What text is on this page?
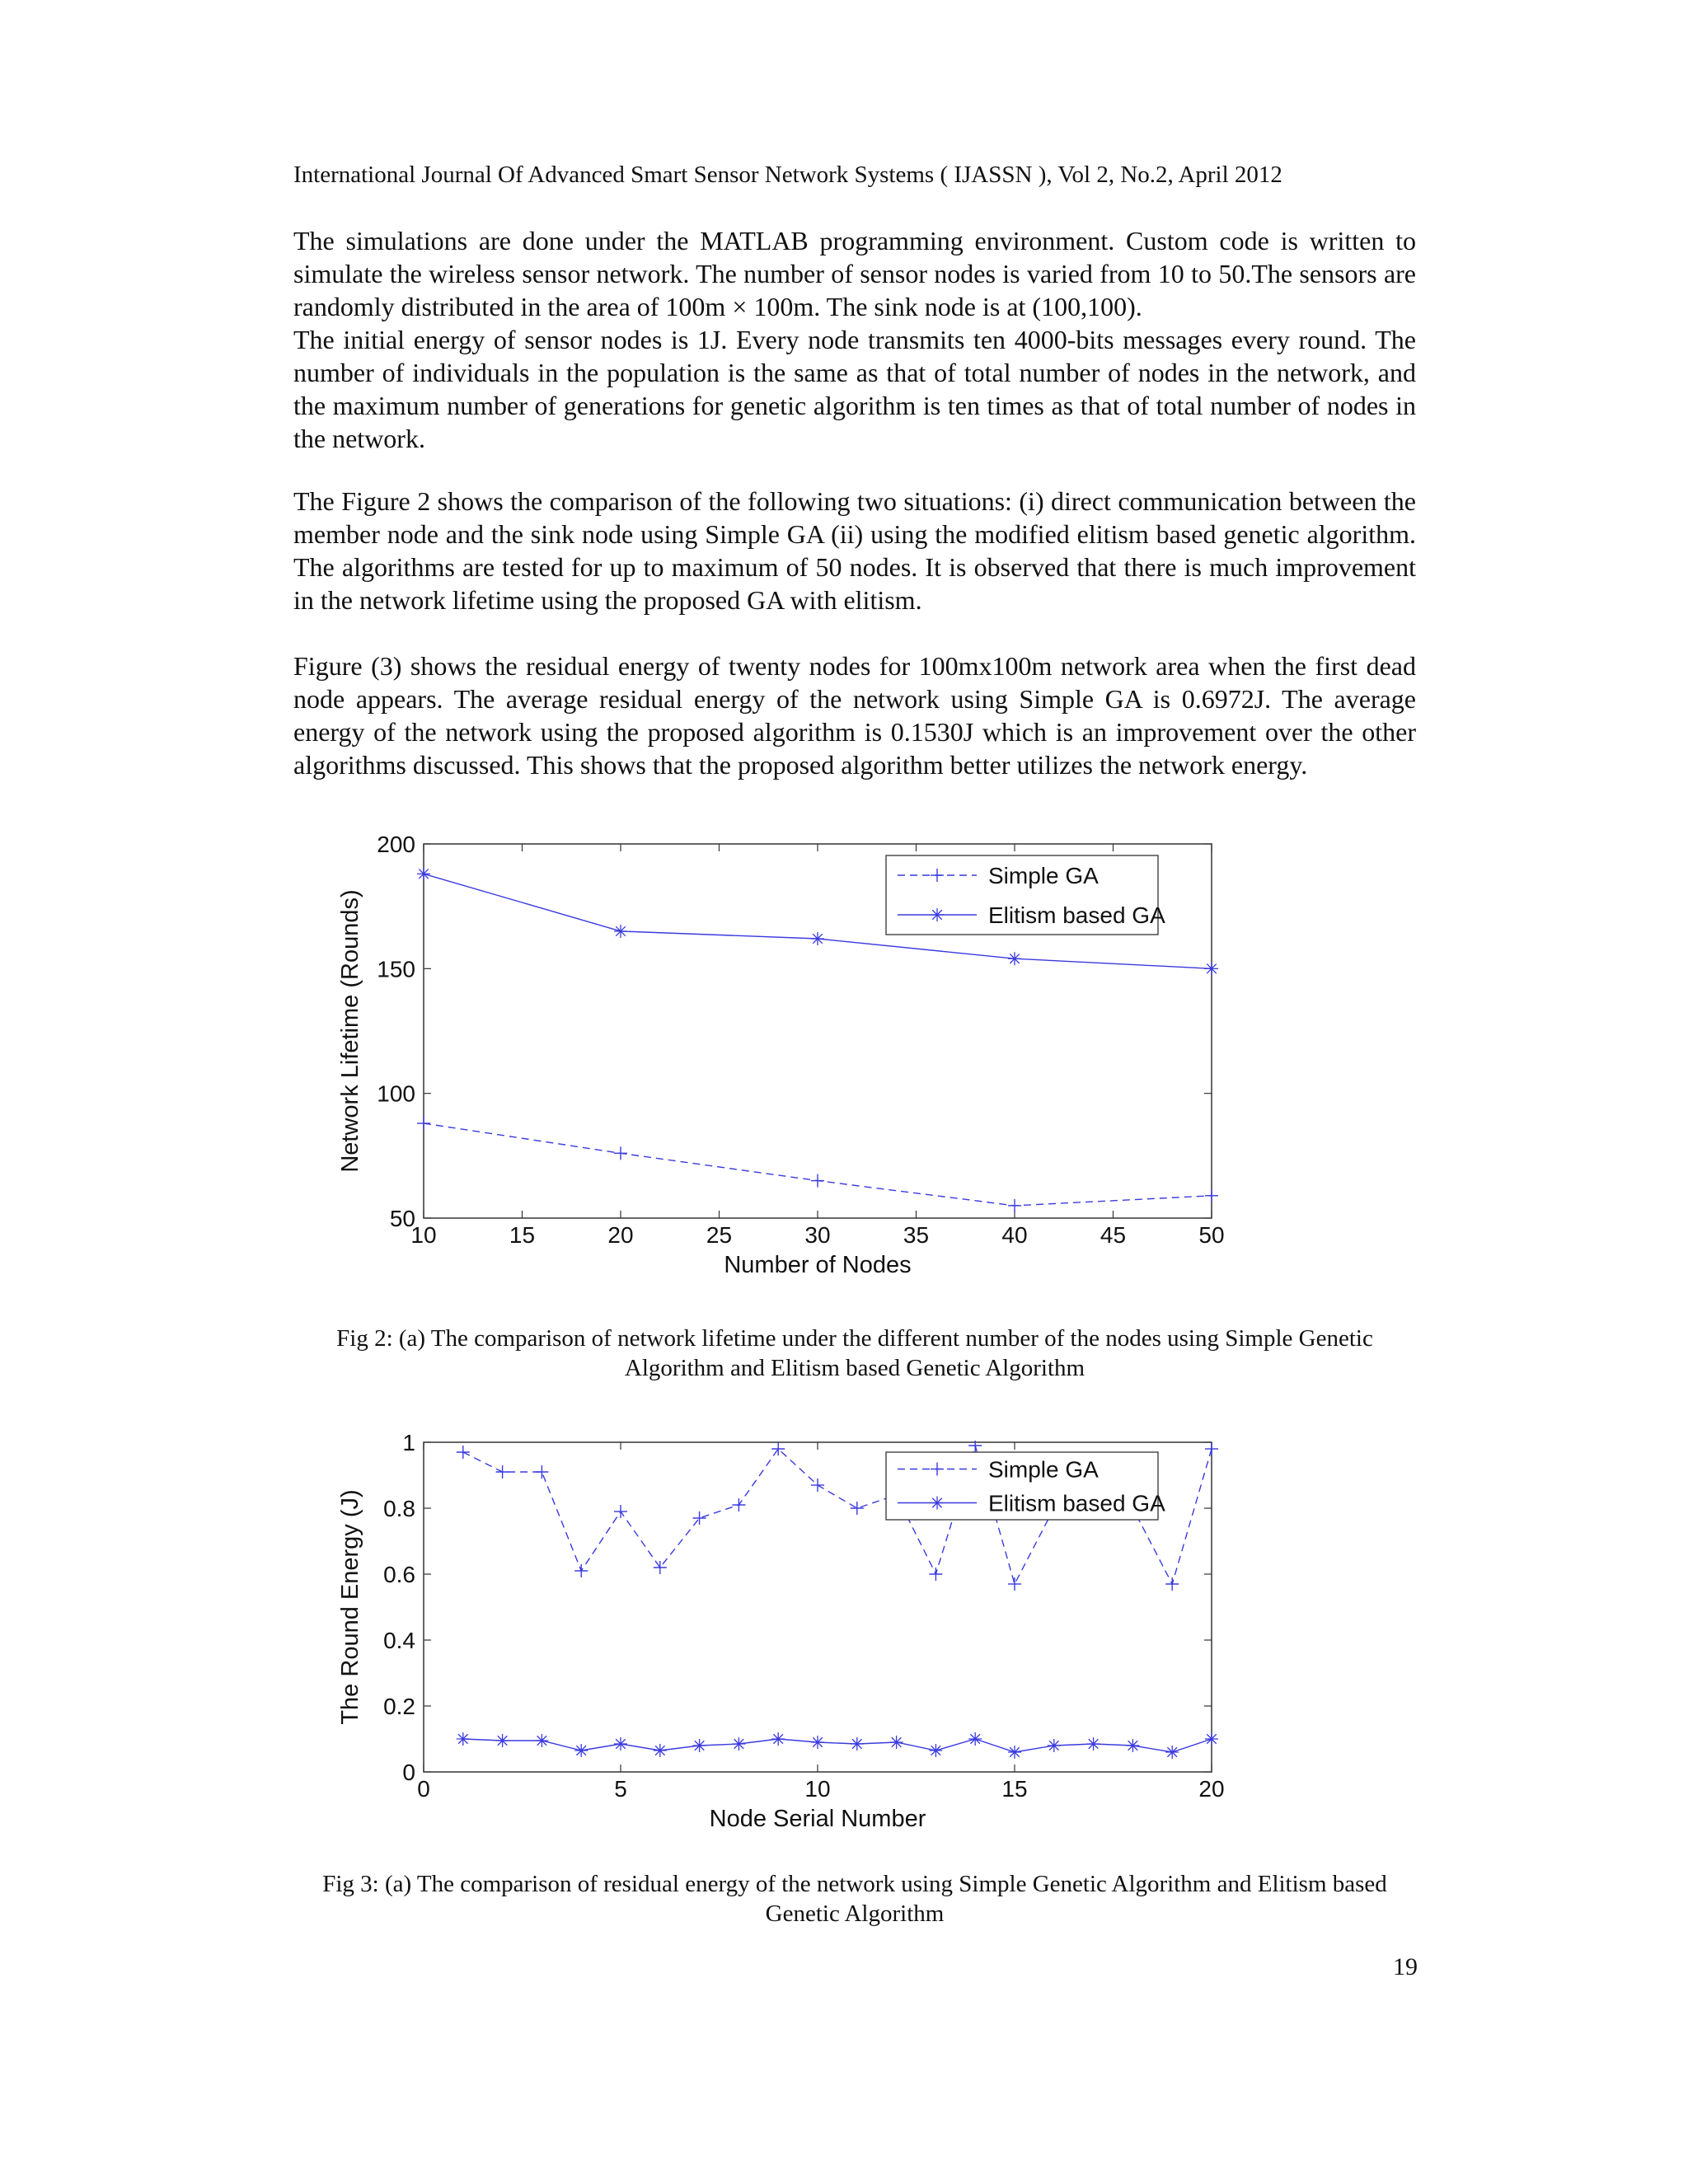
International Journal Of Advanced Smart Sensor Network Systems ( IJASSN ), Vol 2, No.2, April 2012

The simulations are done under the MATLAB programming environment. Custom code is written to simulate the wireless sensor network. The number of sensor nodes is varied from 10 to 50.The sensors are randomly distributed in the area of 100m × 100m. The sink node is at (100,100).

The initial energy of sensor nodes is 1J. Every node transmits ten 4000-bits messages every round. The number of individuals in the population is the same as that of total number of nodes in the network, and the maximum number of generations for genetic algorithm is ten times as that of total number of nodes in the network.

The Figure 2 shows the comparison of the following two situations: (i) direct communication between the member node and the sink node using Simple GA (ii) using the modified elitism based genetic algorithm. The algorithms are tested for up to maximum of 50 nodes. It is observed that there is much improvement in the network lifetime using the proposed GA with elitism.

Figure (3) shows the residual energy of twenty nodes for 100mx100m network area when the first dead node appears. The average residual energy of the network using Simple GA is 0.6972J. The average energy of the network using the proposed algorithm is 0.1530J which is an improvement over the other algorithms discussed. This shows that the proposed algorithm better utilizes the network energy.

10	15	20	25	30	35	40	45	50
50
100
150
200
Number of Nodes
Network Lifetime (Rounds)
Simple GA
Elitism based GA

Fig 2: (a) The comparison of network lifetime under the different number of the nodes using Simple Genetic Algorithm and Elitism based Genetic Algorithm

0	5	10	15	20
0
0.2
0.4
0.6
0.8
1
Node Serial Number
The Round Energy (J)
Simple GA
Elitism based GA

Fig 3: (a) The comparison of residual energy of the network using Simple Genetic Algorithm and Elitism based Genetic Algorithm

19
